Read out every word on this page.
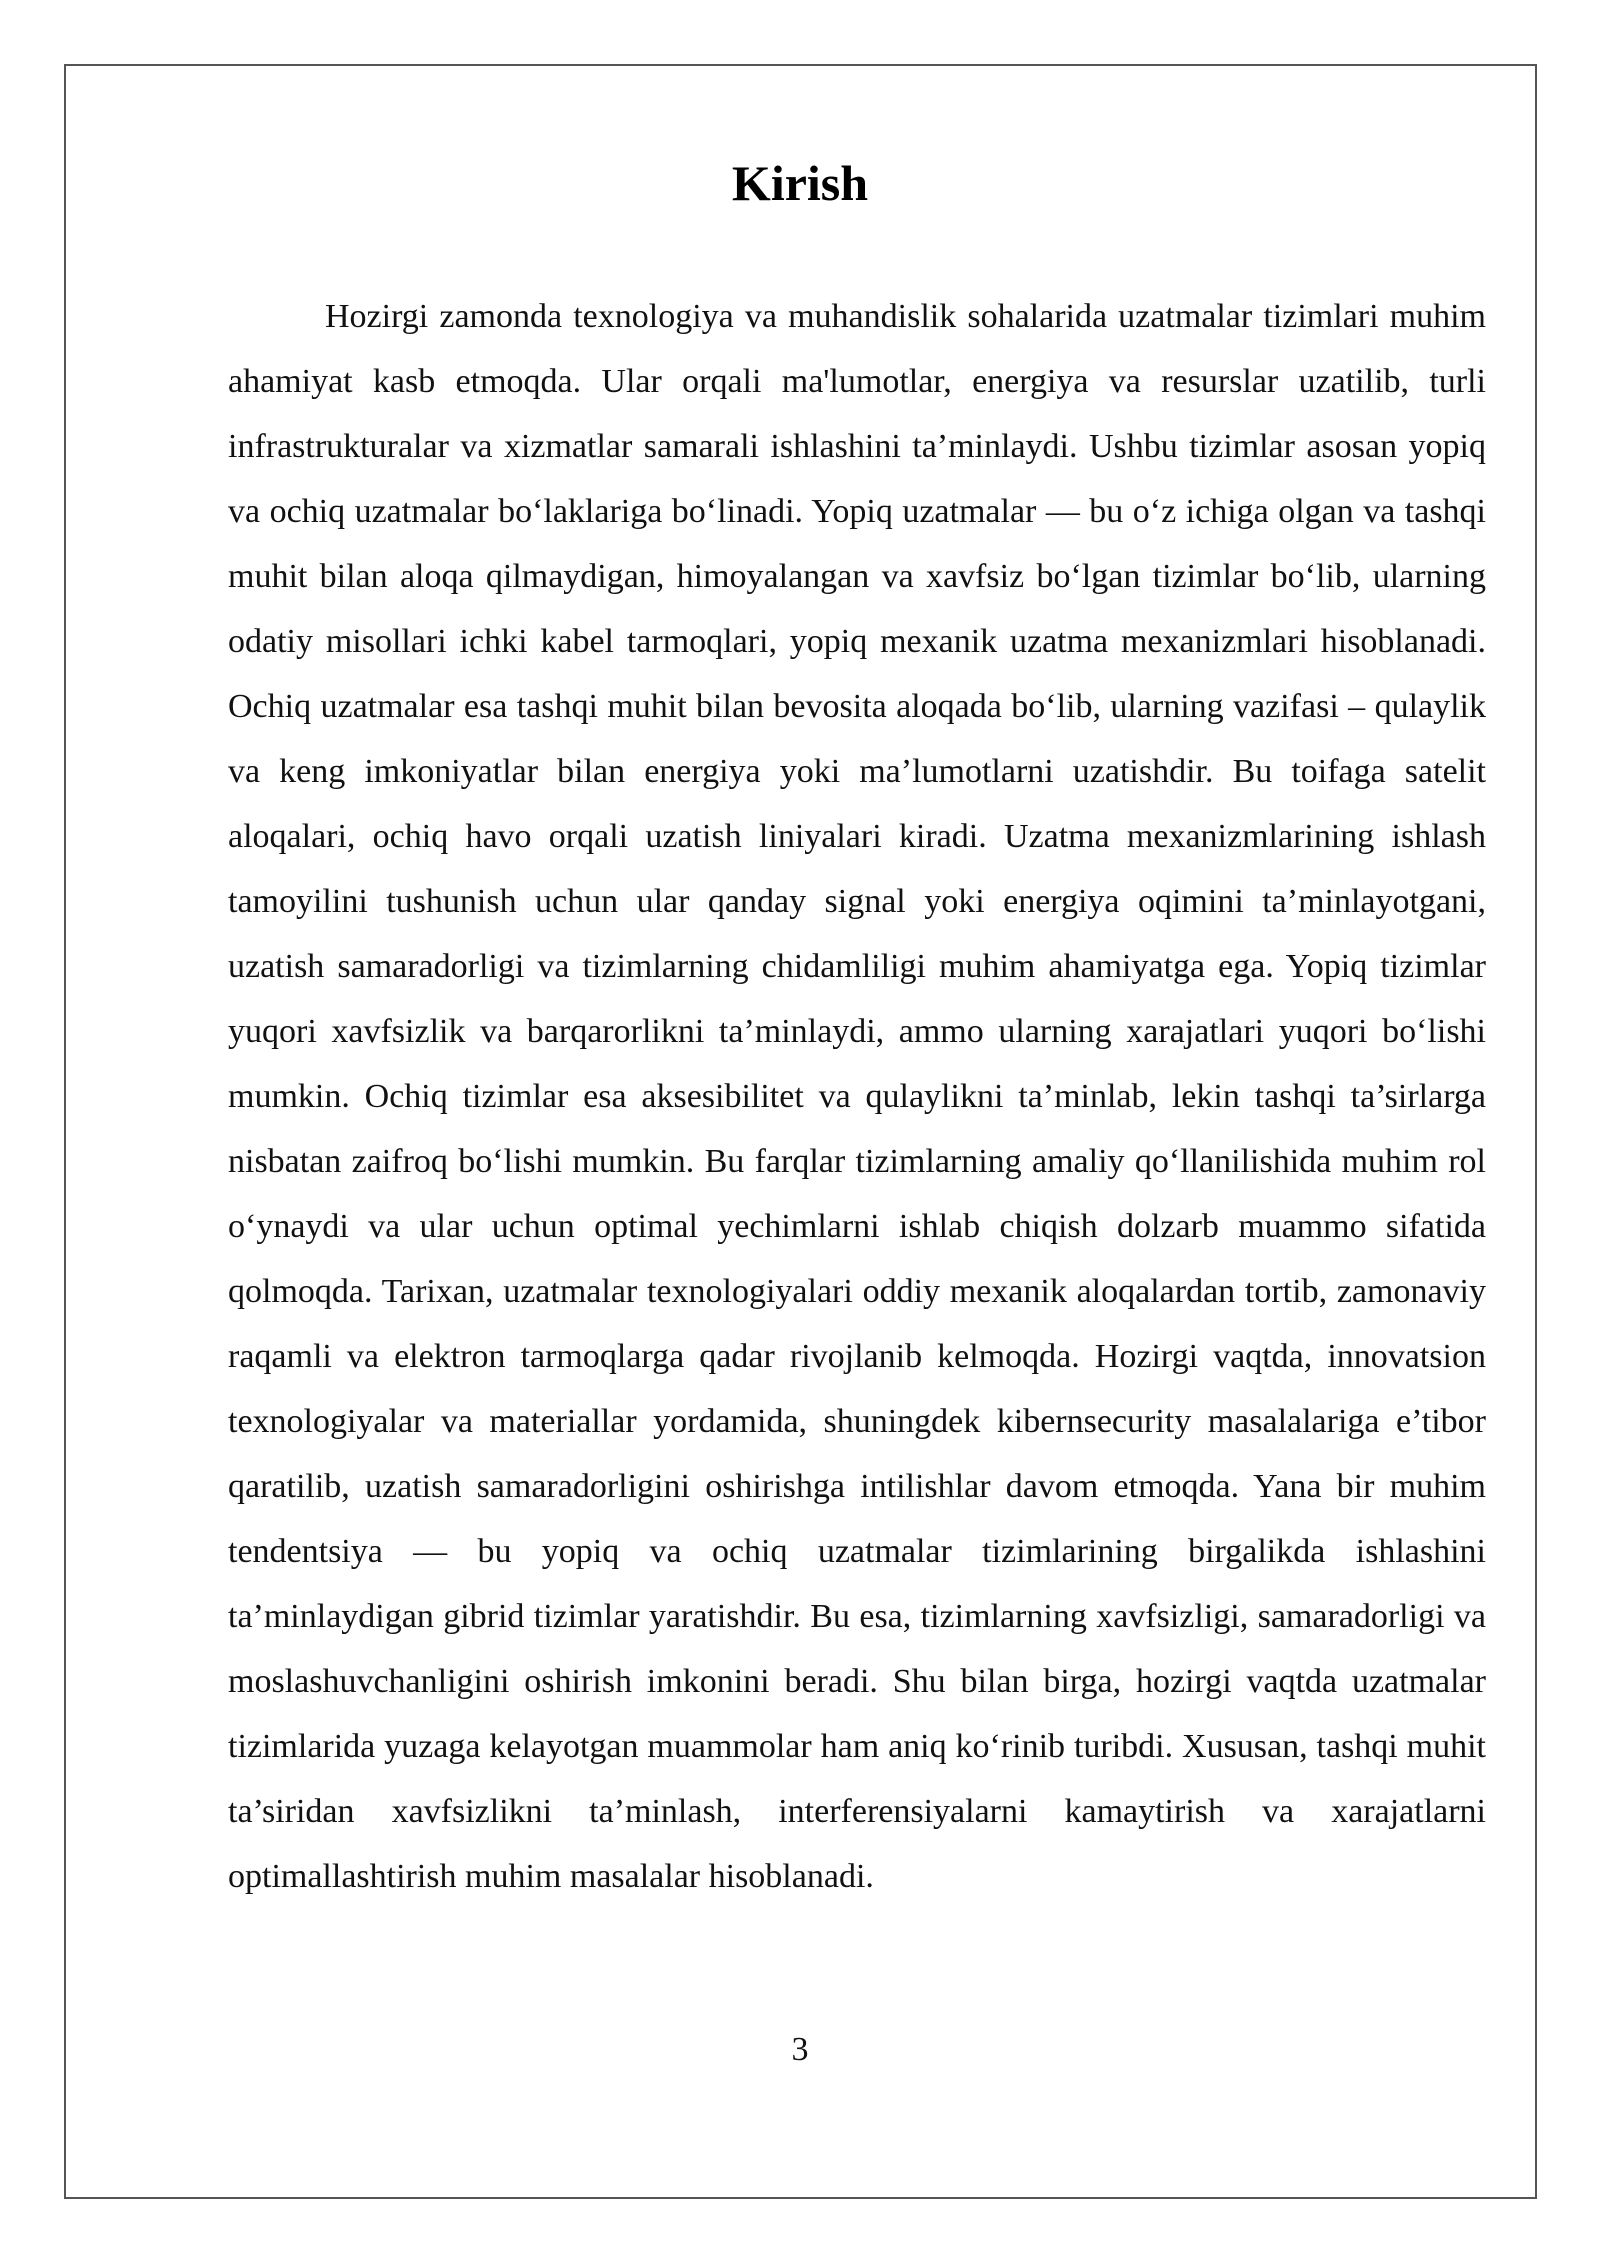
Kirish

Hozirgi zamonda texnologiya va muhandislik sohalarida uzatmalar tizimlari muhim ahamiyat kasb etmoqda. Ular orqali ma'lumotlar, energiya va resurslar uzatilib, turli infrastrukturalar va xizmatlar samarali ishlashini ta’minlaydi. Ushbu tizimlar asosan yopiq va ochiq uzatmalar bo‘laklariga bo‘linadi. Yopiq uzatmalar — bu o‘z ichiga olgan va tashqi muhit bilan aloqa qilmaydigan, himoyalangan va xavfsiz bo‘lgan tizimlar bo‘lib, ularning odatiy misollari ichki kabel tarmoqlari, yopiq mexanik uzatma mexanizmlari hisoblanadi. Ochiq uzatmalar esa tashqi muhit bilan bevosita aloqada bo‘lib, ularning vazifasi – qulaylik va keng imkoniyatlar bilan energiya yoki ma’lumotlarni uzatishdir. Bu toifaga satelit aloqalari, ochiq havo orqali uzatish liniyalari kiradi. Uzatma mexanizmlarining ishlash tamoyilini tushunish uchun ular qanday signal yoki energiya oqimini ta’minlayotgani, uzatish samaradorligi va tizimlarning chidamliligi muhim ahamiyatga ega. Yopiq tizimlar yuqori xavfsizlik va barqarorlikni ta’minlaydi, ammo ularning xarajatlari yuqori bo‘lishi mumkin. Ochiq tizimlar esa aksesibilitet va qulaylikni ta’minlab, lekin tashqi ta’sirlarga nisbatan zaifroq bo‘lishi mumkin. Bu farqlar tizimlarning amaliy qo‘llanilishida muhim rol o‘ynaydi va ular uchun optimal yechimlarni ishlab chiqish dolzarb muammo sifatida qolmoqda. Tarixan, uzatmalar texnologiyalari oddiy mexanik aloqalardan tortib, zamonaviy raqamli va elektron tarmoqlarga qadar rivojlanib kelmoqda. Hozirgi vaqtda, innovatsion texnologiyalar va materiallar yordamida, shuningdek kibernsecurity masalalariga e’tibor qaratilib, uzatish samaradorligini oshirishga intilishlar davom etmoqda. Yana bir muhim tendentsiya — bu yopiq va ochiq uzatmalar tizimlarining birgalikda ishlashini ta’minlaydigan gibrid tizimlar yaratishdir. Bu esa, tizimlarning xavfsizligi, samaradorligi va moslashuvchanligini oshirish imkonini beradi. Shu bilan birga, hozirgi vaqtda uzatmalar tizimlarida yuzaga kelayotgan muammolar ham aniq ko‘rinib turibdi. Xususan, tashqi muhit ta’siridan xavfsizlikni ta’minlash, interferensiyalarni kamaytirish va xarajatlarni optimallashtirish muhim masalalar hisoblanadi.

3
